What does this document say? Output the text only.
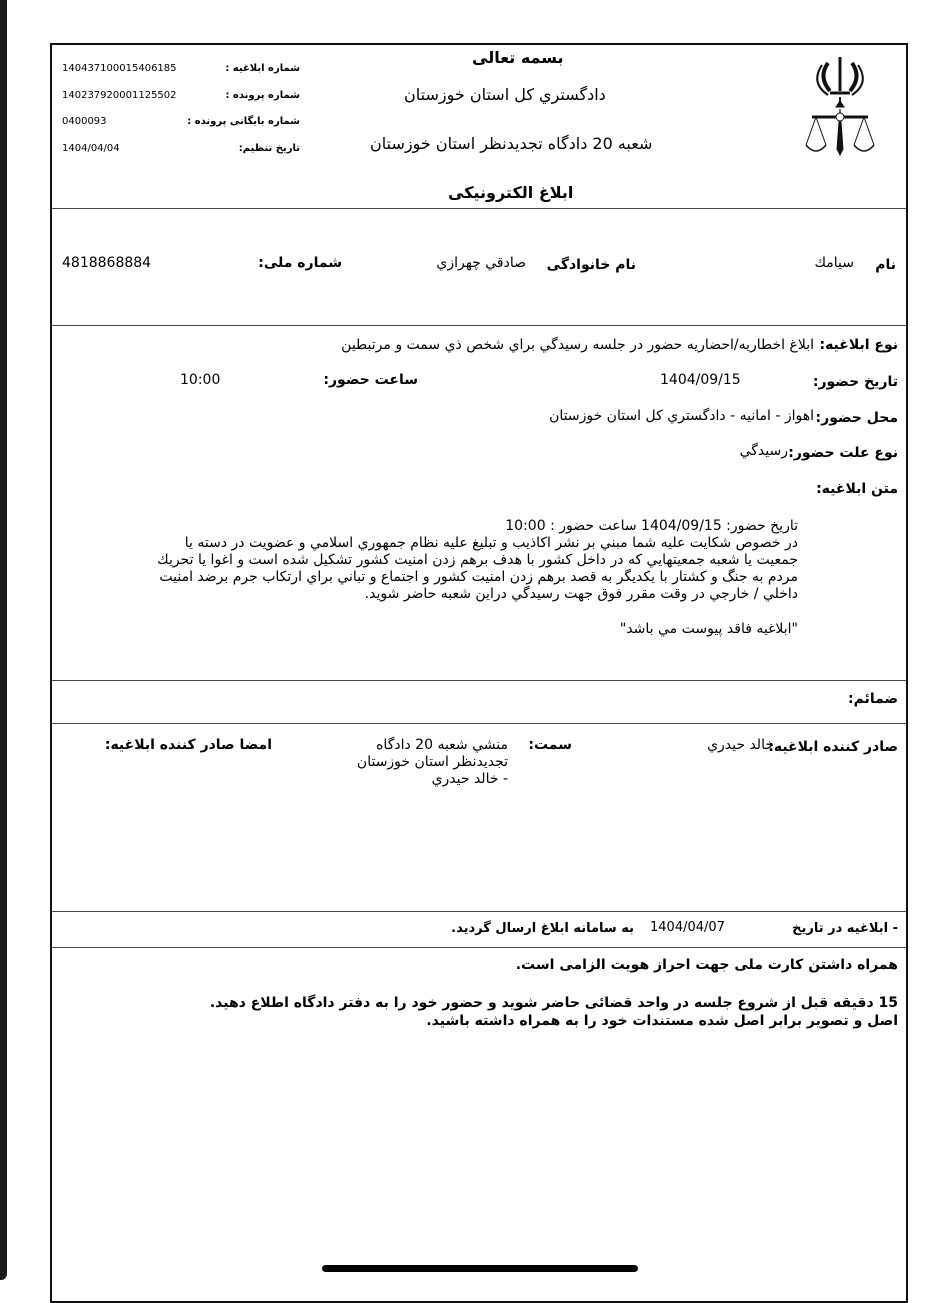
140437100015406185	شماره ابلاغیه :
140237920001125502	شماره پرونده :
0400093	شماره بایگانی پرونده :
1404/04/04	تاریخ تنظیم:
بسمه تعالی
دادگستري کل استان خوزستان
شعبه 20 دادگاه تجدیدنظر استان خوزستان
ابلاغ الکترونیکی
نام
سیامك
نام خانوادگی
صادقي چهرازي
شماره ملی:
4818868884
نوع ابلاغیه:
ابلاغ اخطاریه/احضاریه حضور در جلسه رسیدگي براي شخص ذي سمت و مرتبطین
تاریخ حضور:
1404/09/15
ساعت حضور:
10:00
محل حضور:
اهواز - امانیه - دادگستري کل استان خوزستان
نوع علت حضور:
رسیدگي
متن ابلاغیه:
تاریخ حضور: 1404/09/15 ساعت حضور : 10:00
در خصوص شکایت علیه شما مبني بر نشر اکاذیب و تبلیغ علیه نظام جمهوري اسلامي و عضویت در دسته یا
جمعیت یا شعبه جمعیتهایي که در داخل کشور با هدف برهم زدن امنیت کشور تشکیل شده است و اغوا یا تحریك
مردم به جنگ و کشتار با یکدیگر به قصد برهم زدن امنیت کشور و اجتماع و تباني براي ارتکاب جرم برضد امنیت
داخلي / خارجي در وقت مقرر فوق جهت رسیدگي دراین شعبه حاضر شوید.
"ابلاغیه فاقد پیوست مي باشد"
ضمائم:
صادر کننده ابلاغیه:
خالد حیدري
سمت:
منشي شعبه 20 دادگاه
تجدیدنظر استان خوزستان
- خالد حیدري
امضا صادر کننده ابلاغیه:
- ابلاغیه در تاریخ
1404/04/07
به سامانه ابلاغ ارسال گردید.
همراه داشتن کارت ملی جهت احراز هویت الزامی است.
15 دقیقه قبل از شروع جلسه در واحد قضائی حاضر شوید و حضور خود را به دفتر دادگاه اطلاع دهید.
اصل و تصویر برابر اصل شده مستندات خود را به همراه داشته باشید.
